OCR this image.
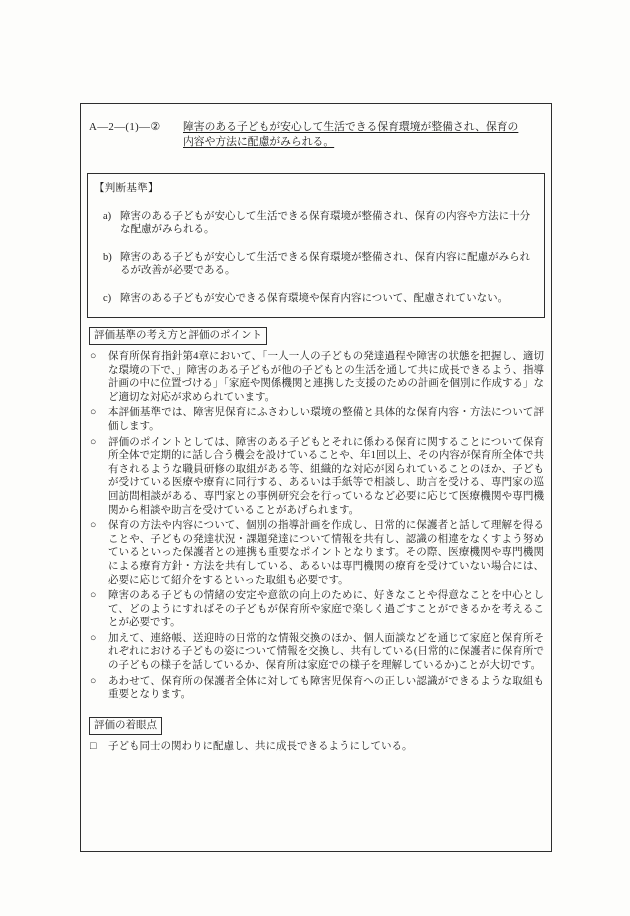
A―2―(1)―②	障害のある子どもが安心して生活できる保育環境が整備され、保育の
内容や方法に配慮がみられる。
【判断基準】
a) 障害のある子どもが安心して生活できる保育環境が整備され、保育の内容や方法に十分な配慮がみられる。
b) 障害のある子どもが安心して生活できる保育環境が整備され、保育内容に配慮がみられるが改善が必要である。
c) 障害のある子どもが安心できる保育環境や保育内容について、配慮されていない。
評価基準の考え方と評価のポイント
○	保育所保育指針第4章において、「一人一人の子どもの発達過程や障害の状態を把握し、適切な環境の下で、」障害のある子どもが他の子どもとの生活を通して共に成長できるよう、指導計画の中に位置づける」「家庭や関係機関と連携した支援のための計画を個別に作成する」など適切な対応が求められています。
○	本評価基準では、障害児保育にふさわしい環境の整備と具体的な保育内容・方法について評価します。
○	評価のポイントとしては、障害のある子どもとそれに係わる保育に関することについて保育所全体で定期的に話し合う機会を設けていることや、年1回以上、その内容が保育所全体で共有されるような職員研修の取組がある等、組織的な対応が図られていることのほか、子どもが受けている医療や療育に同行する、あるいは手紙等で相談し、助言を受ける、専門家の巡回訪問相談がある、専門家との事例研究会を行っているなど必要に応じて医療機関や専門機関から相談や助言を受けていることがあげられます。
○	保育の方法や内容について、個別の指導計画を作成し、日常的に保護者と話して理解を得ることや、子どもの発達状況・課題発達について情報を共有し、認識の相違をなくすよう努めているといった保護者との連携も重要なポイントとなります。その際、医療機関や専門機関による療育方針・方法を共有している、あるいは専門機関の療育を受けていない場合には、必要に応じて紹介をするといった取組も必要です。
○	障害のある子どもの情緒の安定や意欲の向上のために、好きなことや得意なことを中心として、どのようにすればその子どもが保育所や家庭で楽しく過ごすことができるかを考えることが必要です。
○	加えて、連絡帳、送迎時の日常的な情報交換のほか、個人面談などを通じて家庭と保育所それぞれにおける子どもの姿について情報を交換し、共有している(日常的に保護者に保育所での子どもの様子を話しているか、保育所は家庭での様子を理解しているか)ことが大切です。
○	あわせて、保育所の保護者全体に対しても障害児保育への正しい認識ができるような取組も重要となります。
評価の着眼点
□	子ども同士の関わりに配慮し、共に成長できるようにしている。
